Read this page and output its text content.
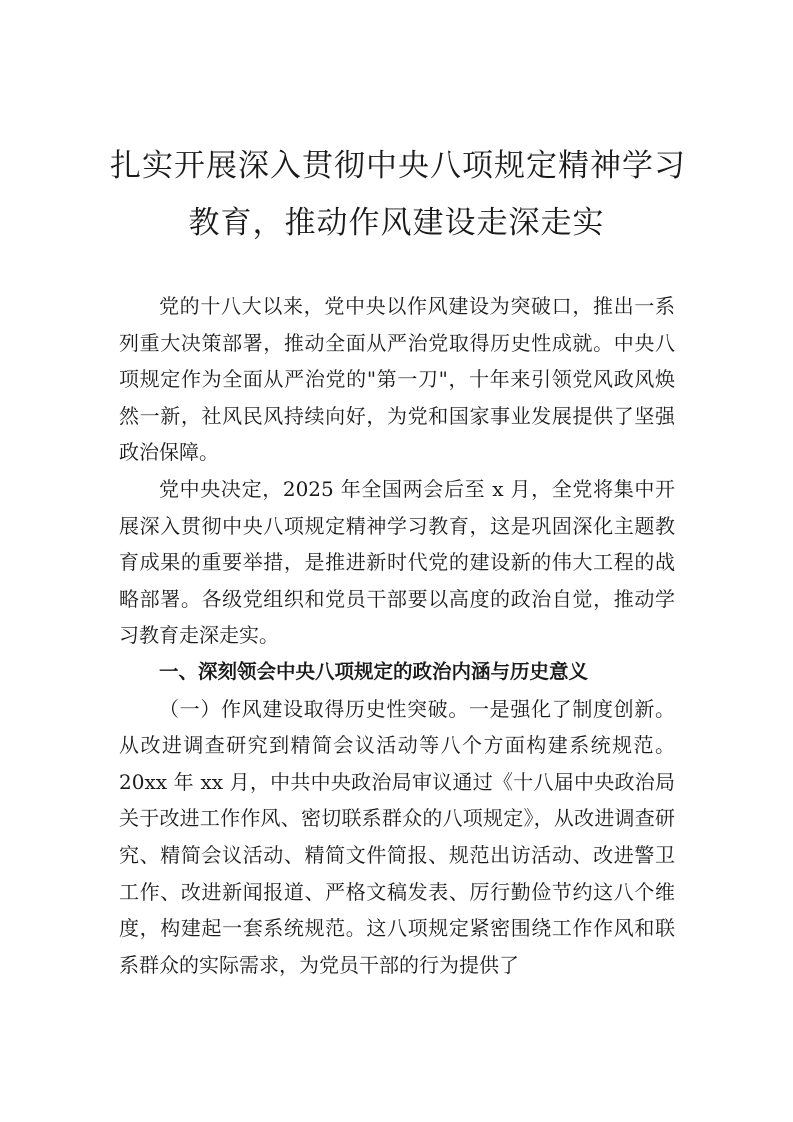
扎实开展深入贯彻中央八项规定精神学习
教育，推动作风建设走深走实

党的十八大以来，党中央以作风建设为突破口，推出一系列重大决策部署，推动全面从严治党取得历史性成就。中央八项规定作为全面从严治党的"第一刀"，十年来引领党风政风焕然一新，社风民风持续向好，为党和国家事业发展提供了坚强政治保障。

党中央决定，2025 年全国两会后至 x 月，全党将集中开展深入贯彻中央八项规定精神学习教育，这是巩固深化主题教育成果的重要举措，是推进新时代党的建设新的伟大工程的战略部署。各级党组织和党员干部要以高度的政治自觉，推动学习教育走深走实。

一、深刻领会中央八项规定的政治内涵与历史意义

（一）作风建设取得历史性突破。一是强化了制度创新。从改进调查研究到精简会议活动等八个方面构建系统规范。20xx 年 xx 月，中共中央政治局审议通过《十八届中央政治局关于改进工作作风、密切联系群众的八项规定》，从改进调查研究、精简会议活动、精简文件简报、规范出访活动、改进警卫工作、改进新闻报道、严格文稿发表、厉行勤俭节约这八个维度，构建起一套系统规范。这八项规定紧密围绕工作作风和联系群众的实际需求，为党员干部的行为提供了
